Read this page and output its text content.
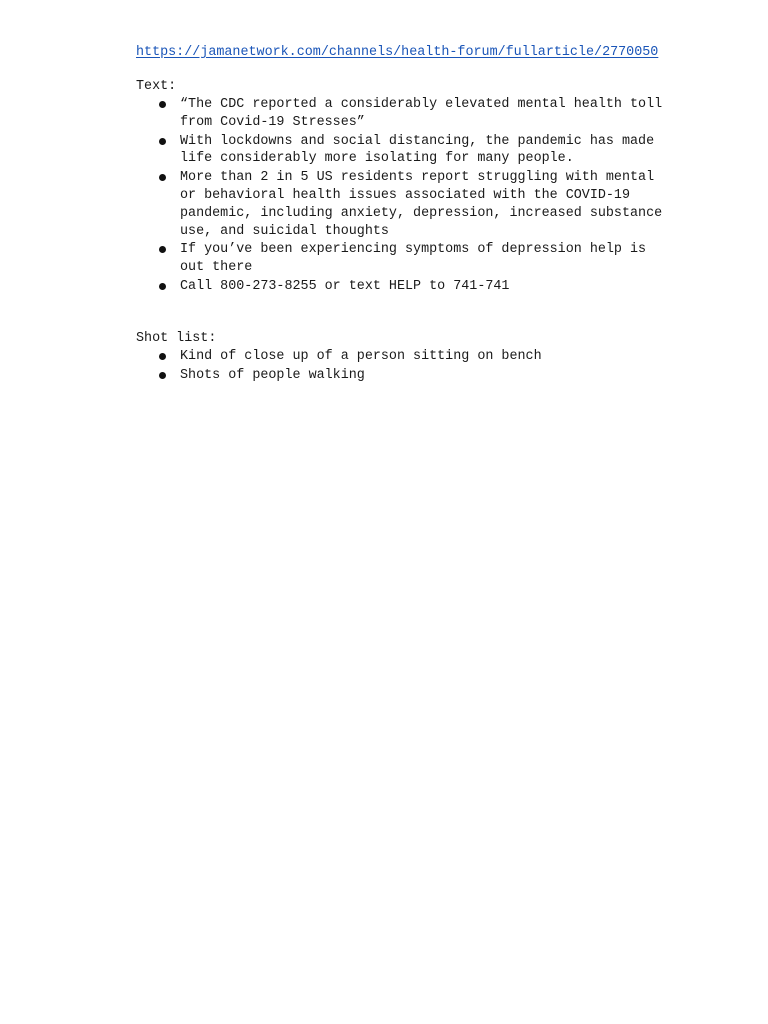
https://jamanetwork.com/channels/health-forum/fullarticle/2770050
Text:
“The CDC reported a considerably elevated mental health toll from Covid-19 Stresses”
With lockdowns and social distancing, the pandemic has made life considerably more isolating for many people.
More than 2 in 5 US residents report struggling with mental or behavioral health issues associated with the COVID-19 pandemic, including anxiety, depression, increased substance use, and suicidal thoughts
If you’ve been experiencing symptoms of depression help is out there
Call 800-273-8255 or text HELP to 741-741
Shot list:
Kind of close up of a person sitting on bench
Shots of people walking
